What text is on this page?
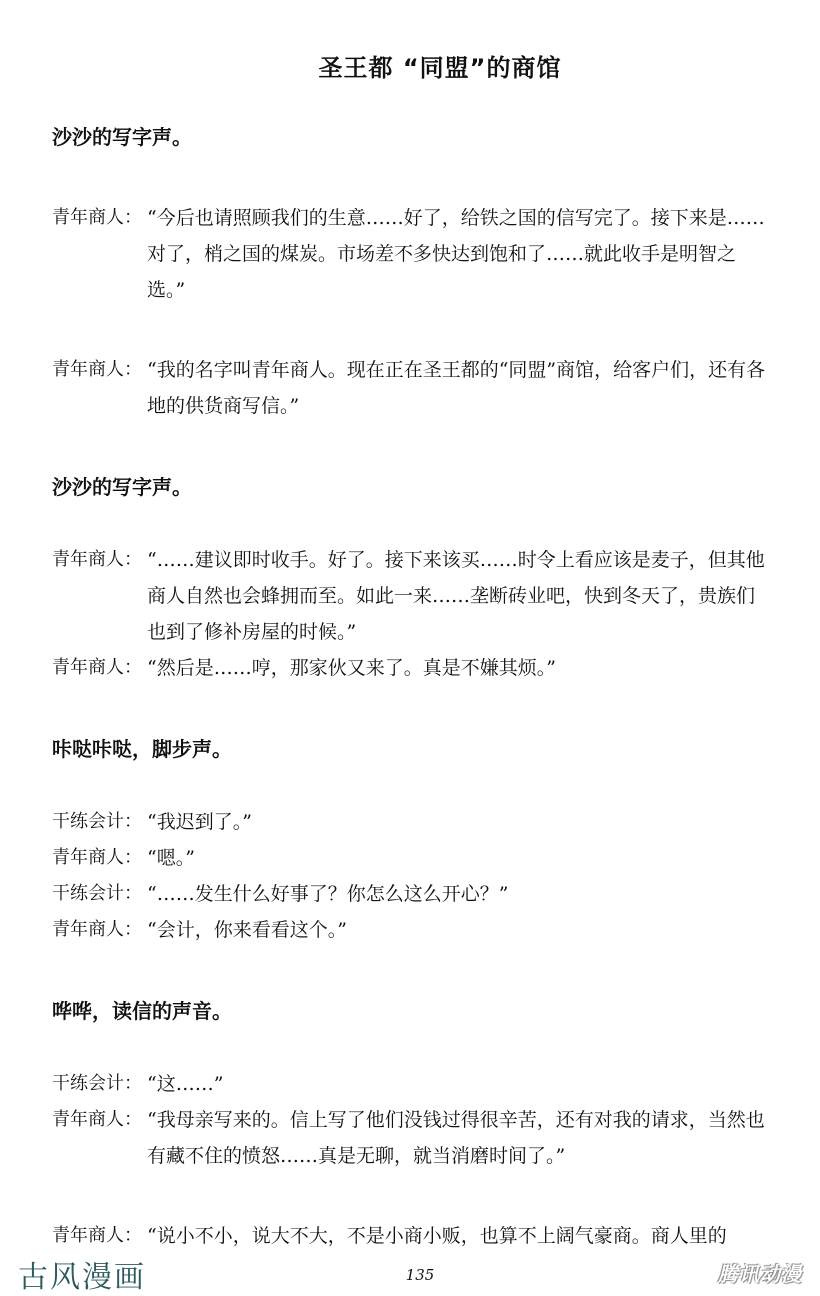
圣王都 “同盟”的商馆
沙沙的写字声。
青年商人： “今后也请照顾我们的生意……好了，给铁之国的信写完了。接下来是……对了，梢之国的煤炭。市场差不多快达到饱和了……就此收手是明智之选。”
青年商人： “我的名字叫青年商人。现在正在圣王都的“同盟”商馆，给客户们，还有各地的供货商写信。”
沙沙的写字声。
青年商人： “……建议即时收手。好了。接下来该买……时令上看应该是麦子，但其他商人自然也会蜂拥而至。如此一来……垄断砖业吧，快到冬天了，贵族们也到了修补房屋的时候。”
青年商人： “然后是……哼，那家伙又来了。真是不嫌其烦。”
咔哒咔哒，脚步声。
干练会计： “我迟到了。”
青年商人： “嗯。”
干练会计： “……发生什么好事了？你怎么这么开心？”
青年商人： “会计，你来看看这个。”
哗哗，读信的声音。
干练会计： “这……”
青年商人： “我母亲写来的。信上写了他们没钱过得很辛苦，还有对我的请求，当然也有藏不住的愤怒……真是无聊，就当消磨时间了。”
青年商人： “说小不小，说大不大，不是小商小贩，也算不上阔气豪商。商人里的
古风漫画	135	腾讯动漫
